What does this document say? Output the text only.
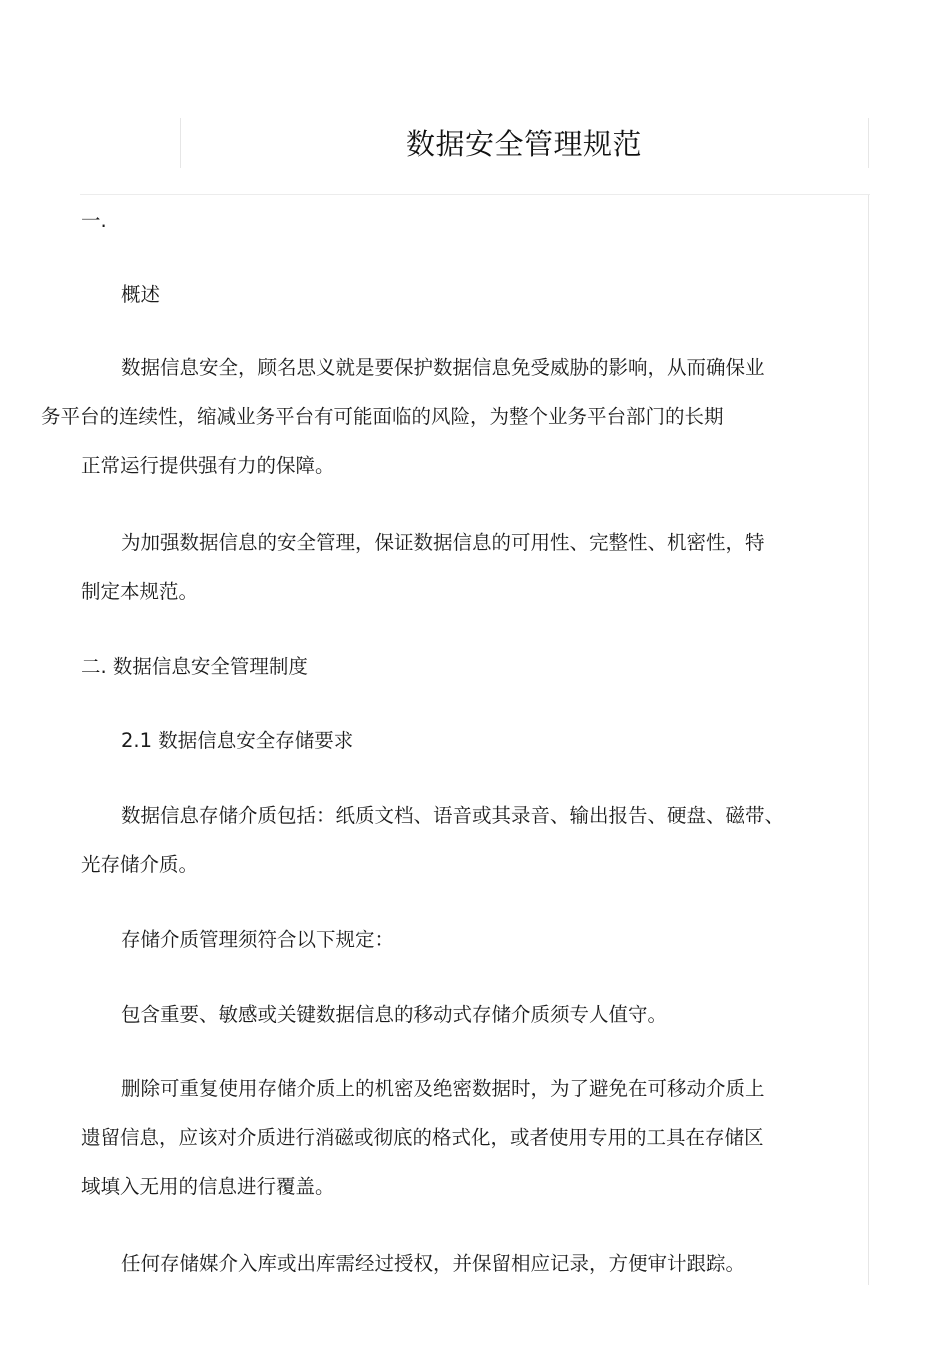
数据安全管理规范

一.

概述

数据信息安全，顾名思义就是要保护数据信息免受威胁的影响，从而确保业
务平台的连续性，缩减业务平台有可能面临的风险，为整个业务平台部门的长期
正常运行提供强有力的保障。

为加强数据信息的安全管理，保证数据信息的可用性、完整性、机密性，特
制定本规范。

二. 数据信息安全管理制度

2.1 数据信息安全存储要求

数据信息存储介质包括：纸质文档、语音或其录音、输出报告、硬盘、磁带、
光存储介质。

存储介质管理须符合以下规定：

包含重要、敏感或关键数据信息的移动式存储介质须专人值守。

删除可重复使用存储介质上的机密及绝密数据时，为了避免在可移动介质上
遗留信息，应该对介质进行消磁或彻底的格式化，或者使用专用的工具在存储区
域填入无用的信息进行覆盖。

任何存储媒介入库或出库需经过授权，并保留相应记录，方便审计跟踪。
